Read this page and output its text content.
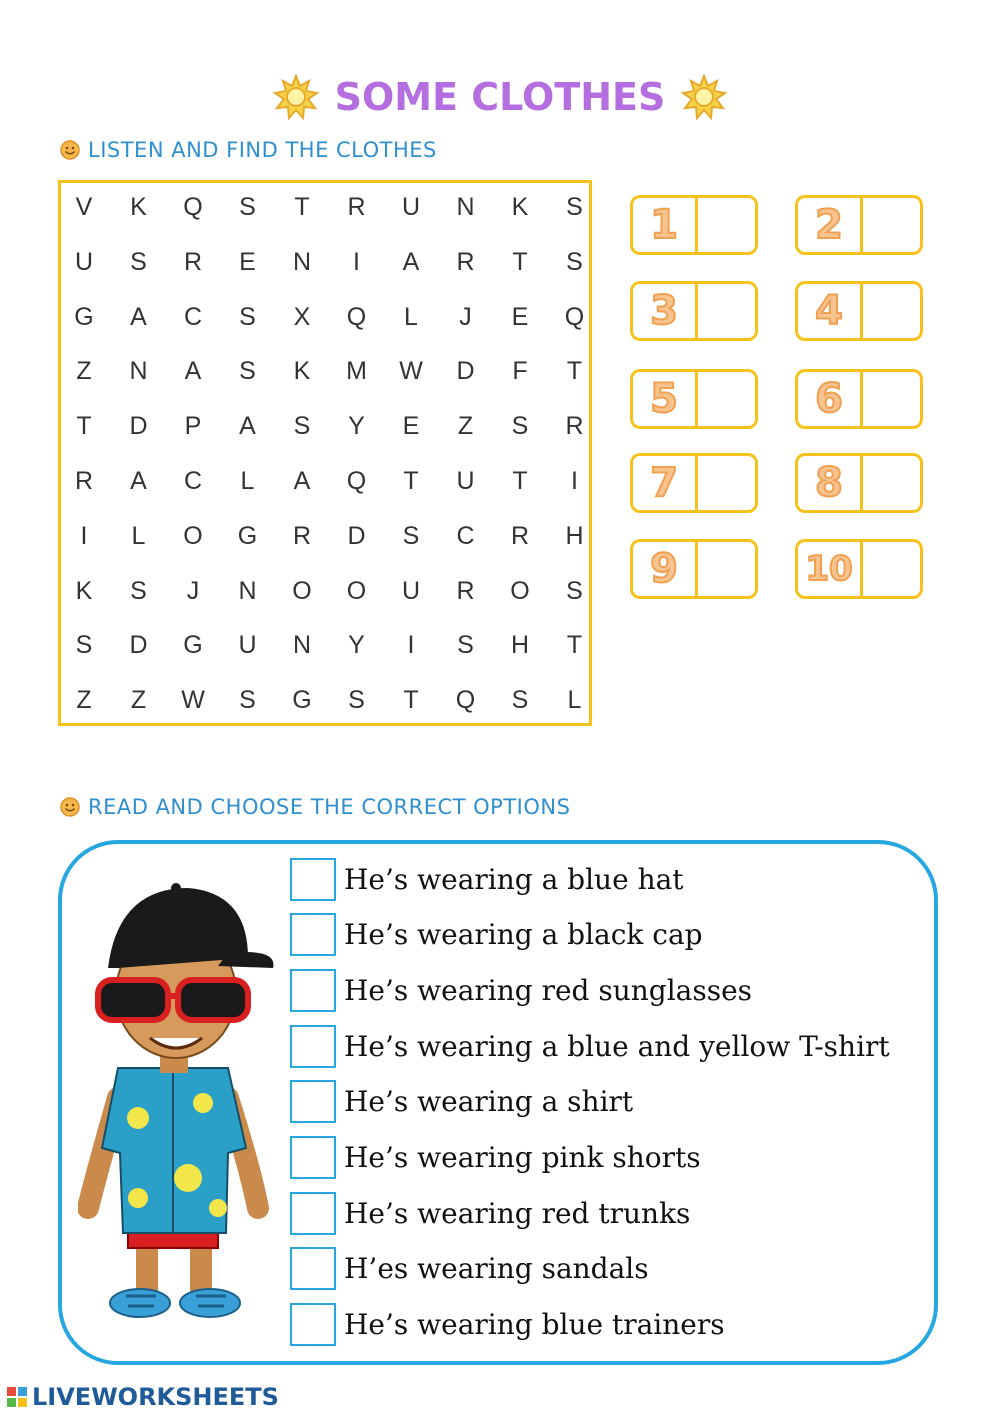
SOME CLOTHES
LISTEN AND FIND THE CLOTHES
V	K	Q	S	T	R	U	N	K	S
U	S	R	E	N	I	A	R	T	S
G	A	C	S	X	Q	L	J	E	Q
Z	N	A	S	K	M	W	D	F	T
T	D	P	A	S	Y	E	Z	S	R
R	A	C	L	A	Q	T	U	T	I
I	L	O	G	R	D	S	C	R	H
K	S	J	N	O	O	U	R	O	S
S	D	G	U	N	Y	I	S	H	T
Z	Z	W	S	G	S	T	Q	S	L
1	2
3	4
5	6
7	8
9	10
READ AND CHOOSE THE CORRECT OPTIONS
He’s wearing a blue hat
He’s wearing a black cap
He’s wearing red sunglasses
He’s wearing a blue and yellow T-shirt
He’s wearing a shirt
He’s wearing pink shorts
He’s wearing red trunks
H’es wearing sandals
He’s wearing blue trainers
LIVEWORKSHEETS
